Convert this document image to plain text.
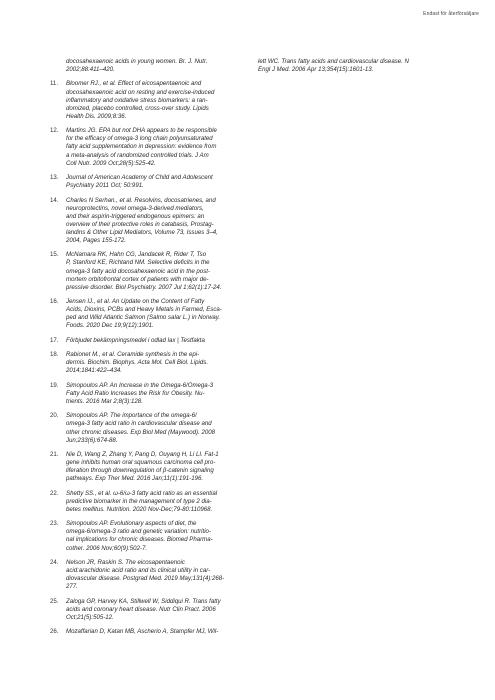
Endast för återförsäljare
docosahexaenoic acids in young women. Br. J. Nutr.
2002;88:411–420.
11.	Bloomer RJ., et al. Effect of eicosapentaenoic and
docosahexaenoic acid on resting and exercise-induced
inflammatory and oxidative stress biomarkers: a ran-
domized, placebo controlled, cross-over study. Lipids
Health Dis. 2009;8:36.
12.	Martins JG. EPA but not DHA appears to be responsible
for the efficacy of omega-3 long chain polyunsaturated
fatty acid supplementation in depression: evidence from
a meta-analysis of randomized controlled trials. J Am
Coll Nutr. 2009 Oct;28(5):525-42.
13.	Journal of American Academy of Child and Adolescent
Psychiatry 2011 Oct; 50:991.
14.	Charles N Serhan., et al. Resolvins, docosatrienes, and
neuroprotectins, novel omega-3-derived mediators,
and their aspirin-triggered endogenous epimers: an
overview of their protective roles in catabasis, Prostag-
landins & Other Lipid Mediators, Volume 73, Issues 3–4,
2004, Pages 155-172.
15.	McNamara RK, Hahn CG, Jandacek R, Rider T, Tso
P, Stanford KE, Richtand NM. Selective deficits in the
omega-3 fatty acid docosahexaenoic acid in the post-
mortem orbitofrontal cortex of patients with major de-
pressive disorder. Biol Psychiatry. 2007 Jul 1;62(1):17-24.
16.	Jensen IJ., et al. An Update on the Content of Fatty
Acids, Dioxins, PCBs and Heavy Metals in Farmed, Esca-
ped and Wild Atlantic Salmon (Salmo salar L.) in Norway.
Foods. 2020 Dec 19;9(12):1901.
17.	Förbjudet bekämpningsmedel i odlad lax | Testfakta
18.	Rabionet M., et al. Ceramide synthesis in the epi-
dermis. Biochim. Biophys. Acta Mol. Cell Biol. Lipids.
2014;1841:422–434.
19.	Simopoulos AP. An Increase in the Omega-6/Omega-3
Fatty Acid Ratio Increases the Risk for Obesity. Nu-
trients. 2016 Mar 2;8(3):128.
20.	Simopoulos AP. The importance of the omega-6/
omega-3 fatty acid ratio in cardiovascular disease and
other chronic diseases. Exp Biol Med (Maywood). 2008
Jun;233(6):674-88.
21.	Nie D, Wang Z, Zhang Y, Pang D, Ouyang H, Li LI. Fat-1
gene inhibits human oral squamous carcinoma cell pro-
liferation through downregulation of β-catenin signaling
pathways. Exp Ther Med. 2016 Jan;11(1):191-196.
22.	Shetty SS., et al. ω-6/ω-3 fatty acid ratio as an essential
predictive biomarker in the management of type 2 dia-
betes mellitus. Nutrition. 2020 Nov-Dec;79-80:110968.
23.	Simopoulos AP. Evolutionary aspects of diet, the
omega-6/omega-3 ratio and genetic variation: nutritio-
nal implications for chronic diseases. Biomed Pharma-
cother. 2006 Nov;60(9):502-7.
24.	Nelson JR, Raskin S. The eicosapentaenoic
acid:arachidonic acid ratio and its clinical utility in car-
diovascular disease. Postgrad Med. 2019 May;131(4):268-
277.
25.	Zaloga GP, Harvey KA, Stillwell W, Siddiqui R. Trans fatty
acids and coronary heart disease. Nutr Clin Pract. 2006
Oct;21(5):505-12.
26.	Mozaffarian D, Katan MB, Ascherio A, Stampfer MJ, Wil-
lett WC. Trans fatty acids and cardiovascular disease. N
Engl J Med. 2006 Apr 13;354(15):1601-13.
